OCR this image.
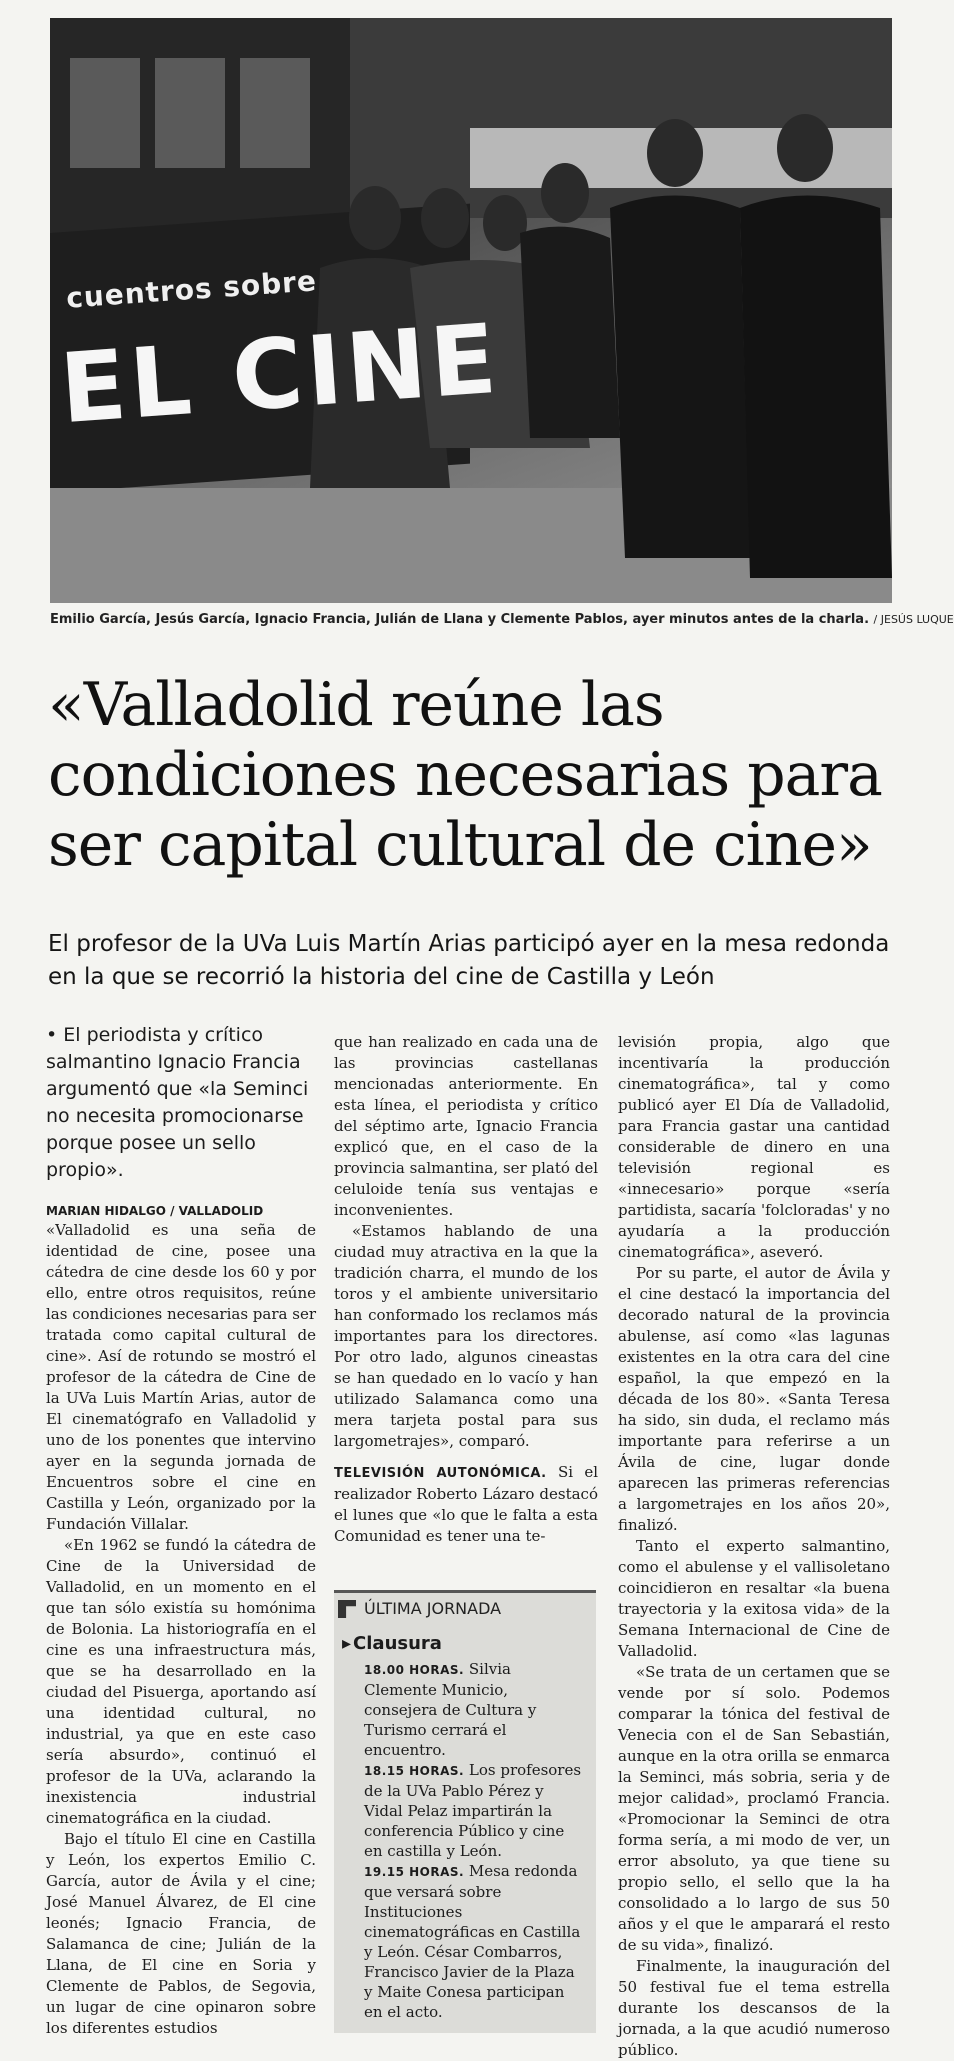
cuentros sobre
EL CINE
Emilio García, Jesús García, Ignacio Francia, Julián de Llana y Clemente Pablos, ayer minutos antes de la charla. / JESÚS LUQUE
«Valladolid reúne las condiciones necesarias para ser capital cultural de cine»
El profesor de la UVa Luis Martín Arias participó ayer en la mesa redonda en la que se recorrió la historia del cine de Castilla y León

• El periodista y crítico salmantino Ignacio Francia argumentó que «la Seminci no necesita promocionarse porque posee un sello propio».

MARIAN HIDALGO / VALLADOLID

«Valladolid es una seña de identidad de cine, posee una cátedra de cine desde los 60 y por ello, entre otros requisitos, reúne las condiciones necesarias para ser tratada como capital cultural de cine». Así de rotundo se mostró el profesor de la cátedra de Cine de la UVa Luis Martín Arias, autor de El cinematógrafo en Valladolid y uno de los ponentes que intervino ayer en la segunda jornada de Encuentros sobre el cine en Castilla y León, organizado por la Fundación Villalar.

«En 1962 se fundó la cátedra de Cine de la Universidad de Valladolid, en un momento en el que tan sólo existía su homónima de Bolonia. La historiografía en el cine es una infraestructura más, que se ha desarrollado en la ciudad del Pisuerga, aportando así una identidad cultural, no industrial, ya que en este caso sería absurdo», continuó el profesor de la UVa, aclarando la inexistencia industrial cinematográfica en la ciudad.

Bajo el título El cine en Castilla y León, los expertos Emilio C. García, autor de Ávila y el cine; José Manuel Álvarez, de El cine leonés; Ignacio Francia, de Salamanca de cine; Julián de la Llana, de El cine en Soria y Clemente de Pablos, de Segovia, un lugar de cine opinaron sobre los diferentes estudios

que han realizado en cada una de las provincias castellanas mencionadas anteriormente. En esta línea, el periodista y crítico del séptimo arte, Ignacio Francia explicó que, en el caso de la provincia salmantina, ser plató del celuloide tenía sus ventajas e inconvenientes.

«Estamos hablando de una ciudad muy atractiva en la que la tradición charra, el mundo de los toros y el ambiente universitario han conformado los reclamos más importantes para los directores. Por otro lado, algunos cineastas se han quedado en lo vacío y han utilizado Salamanca como una mera tarjeta postal para sus largometrajes», comparó.

TELEVISIÓN AUTONÓMICA. Si el realizador Roberto Lázaro destacó el lunes que «lo que le falta a esta Comunidad es tener una te-

ÚLTIMA JORNADA
▸ Clausura

18.00 HORAS. Silvia Clemente Municio, consejera de Cultura y Turismo cerrará el encuentro.

18.15 HORAS. Los profesores de la UVa Pablo Pérez y Vidal Pelaz impartirán la conferencia Público y cine en castilla y León.

19.15 HORAS. Mesa redonda que versará sobre Instituciones cinematográficas en Castilla y León. César Combarros, Francisco Javier de la Plaza y Maite Conesa participan en el acto.

levisión propia, algo que incentivaría la producción cinematográfica», tal y como publicó ayer El Día de Valladolid, para Francia gastar una cantidad considerable de dinero en una televisión regional es «innecesario» porque «sería partidista, sacaría 'folcloradas' y no ayudaría a la producción cinematográfica», aseveró.

Por su parte, el autor de Ávila y el cine destacó la importancia del decorado natural de la provincia abulense, así como «las lagunas existentes en la otra cara del cine español, la que empezó en la década de los 80». «Santa Teresa ha sido, sin duda, el reclamo más importante para referirse a un Ávila de cine, lugar donde aparecen las primeras referencias a largometrajes en los años 20», finalizó.

Tanto el experto salmantino, como el abulense y el vallisoletano coincidieron en resaltar «la buena trayectoria y la exitosa vida» de la Semana Internacional de Cine de Valladolid.

«Se trata de un certamen que se vende por sí solo. Podemos comparar la tónica del festival de Venecia con el de San Sebastián, aunque en la otra orilla se enmarca la Seminci, más sobria, seria y de mejor calidad», proclamó Francia. «Promocionar la Seminci de otra forma sería, a mi modo de ver, un error absoluto, ya que tiene su propio sello, el sello que la ha consolidado a lo largo de sus 50 años y el que le amparará el resto de su vida», finalizó.

Finalmente, la inauguración del 50 festival fue el tema estrella durante los descansos de la jornada, a la que acudió numeroso público.
